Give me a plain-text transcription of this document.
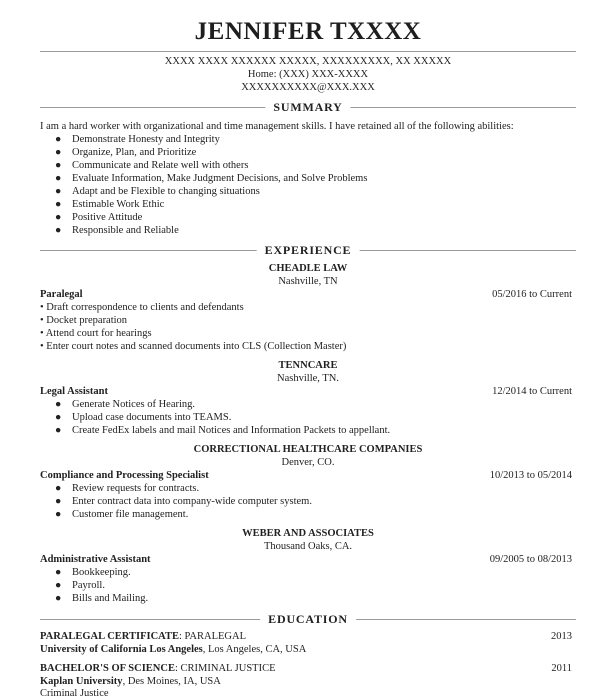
JENNIFER TXXXX
XXXX XXXX XXXXXX XXXXX, XXXXXXXXX, XX XXXXX
Home: (XXX) XXX-XXXX
XXXXXXXXXX@XXX.XXX
SUMMARY
I am a hard worker with organizational and time management skills. I have retained all of the following abilities:
● Demonstrate Honesty and Integrity
● Organize, Plan, and Prioritize
● Communicate and Relate well with others
● Evaluate Information, Make Judgment Decisions, and Solve Problems
● Adapt and be Flexible to changing situations
● Estimable Work Ethic
● Positive Attitude
● Responsible and Reliable
EXPERIENCE
CHEADLE LAW
Nashville, TN
Paralegal	05/2016 to Current
• Draft correspondence to clients and defendants
• Docket preparation
• Attend court for hearings
• Enter court notes and scanned documents into CLS (Collection Master)
TENNCARE
Nashville, TN.
Legal Assistant	12/2014 to Current
● Generate Notices of Hearing.
● Upload case documents into TEAMS.
● Create FedEx labels and mail Notices and Information Packets to appellant.
CORRECTIONAL HEALTHCARE COMPANIES
Denver, CO.
Compliance and Processing Specialist	10/2013 to 05/2014
● Review requests for contracts.
● Enter contract data into company-wide computer system.
● Customer file management.
WEBER AND ASSOCIATES
Thousand Oaks, CA.
Administrative Assistant	09/2005 to 08/2013
● Bookkeeping.
● Payroll.
● Bills and Mailing.
EDUCATION
PARALEGAL CERTIFICATE: PARALEGAL	2013
University of California Los Angeles, Los Angeles, CA, USA
BACHELOR'S OF SCIENCE: CRIMINAL JUSTICE	2011
Kaplan University, Des Moines, IA, USA
Criminal Justice
